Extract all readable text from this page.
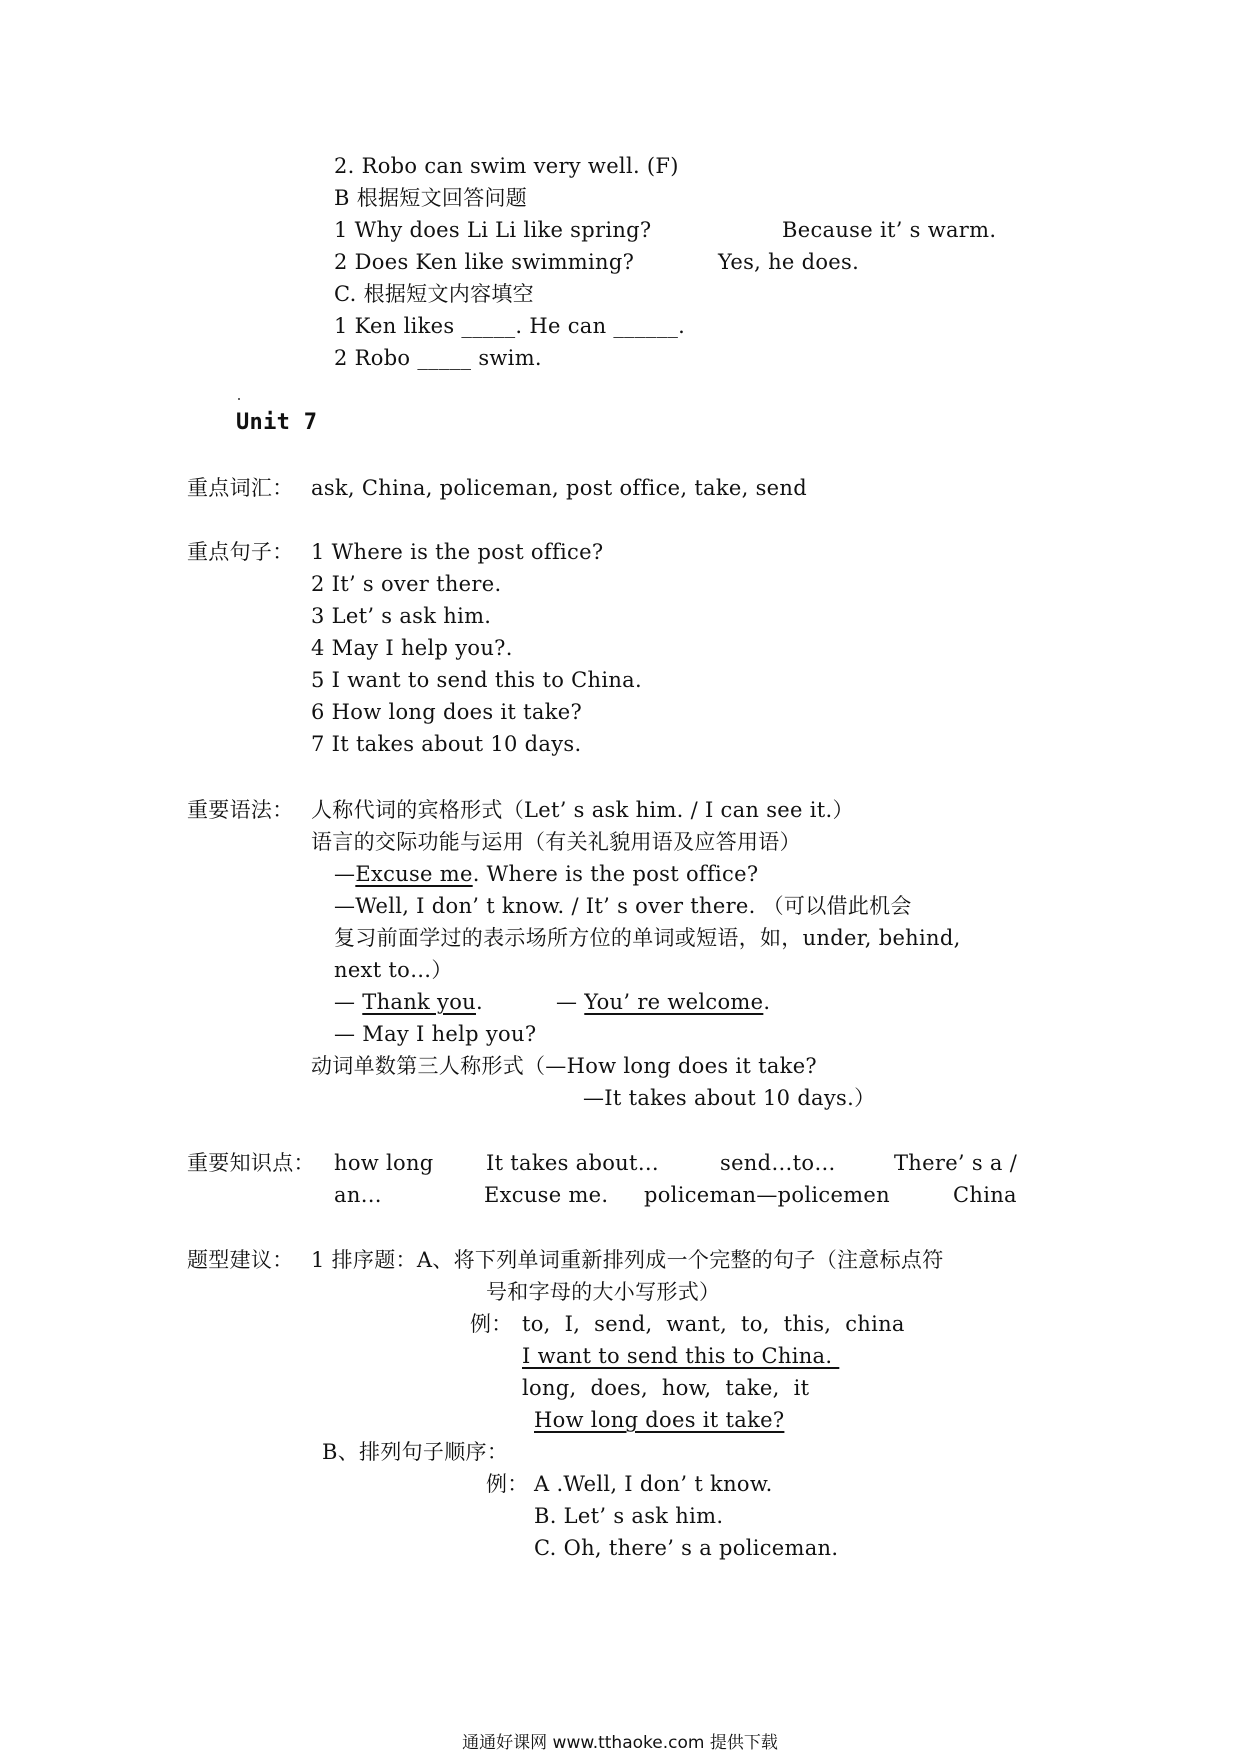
2. Robo can swim very well. (F)
B 根据短文回答问题
1 Why does Li Li like spring?	Because it’ s warm.
2 Does Ken like swimming?	Yes, he does.
C. 根据短文内容填空
1 Ken likes _____. He can ______.
2 Robo _____ swim.
Unit 7
重点词汇： ask, China, policeman, post office, take, send
重点句子： 1 Where is the post office?
2 It’ s over there.
3 Let’ s ask him.
4 May I help you?.
5 I want to send this to China.
6 How long does it take?
7 It takes about 10 days.
重要语法： 人称代词的宾格形式（Let’ s ask him. / I can see it.）
语言的交际功能与运用（有关礼貌用语及应答用语）
—Excuse me. Where is the post office?
—Well, I don’ t know. / It’ s over there. （可以借此机会
复习前面学过的表示场所方位的单词或短语，如，under, behind,
next to…）
— Thank you.	— You’ re welcome.
— May I help you?
动词单数第三人称形式（—How long does it take?
—It takes about 10 days.）
重要知识点： how long It takes about…	send…to…	There’ s a /
an…	Excuse me. policeman—policemen	China
题型建议： 1 排序题：A、将下列单词重新排列成一个完整的句子（注意标点符
号和字母的大小写形式）
例： to,  I,  send,  want,  to,  this,  china
I want to send this to China.
long,  does,  how,  take,  it
How long does it take?
B、排列句子顺序：
例： A .Well, I don’ t know.
B. Let’ s ask him.
C. Oh, there’ s a policeman.
通通好课网 www.tthaoke.com 提供下载
